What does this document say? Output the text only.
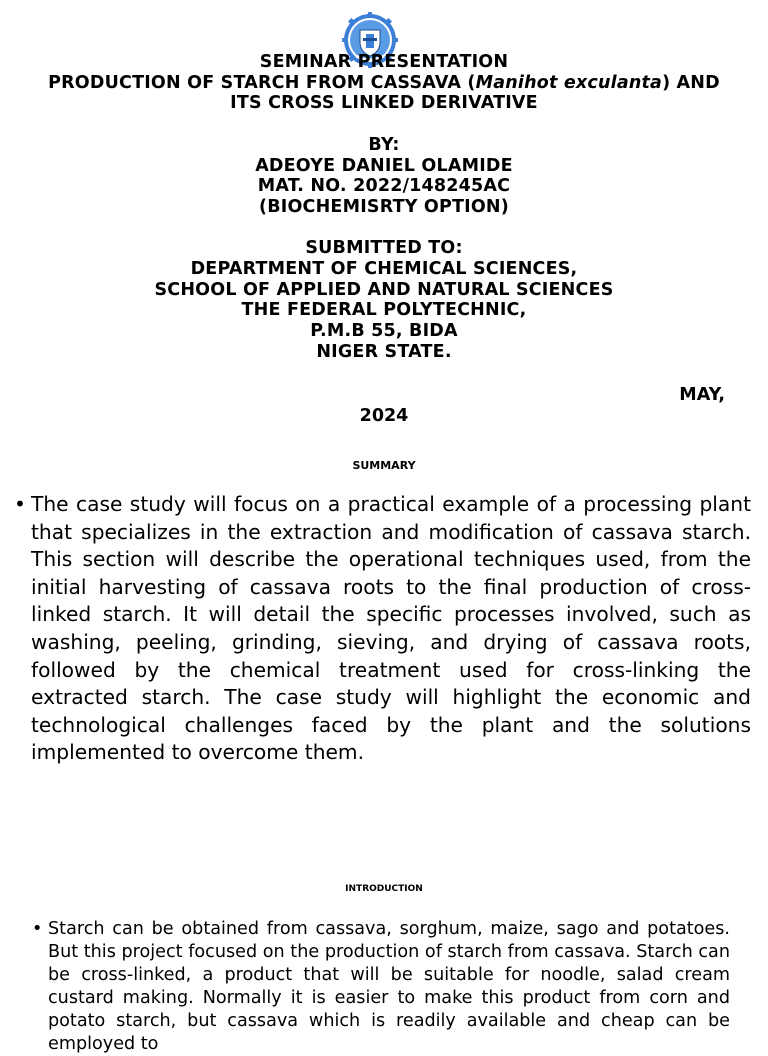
SEMINAR PRESENTATION
PRODUCTION OF STARCH FROM CASSAVA (Manihot exculanta) AND
ITS CROSS LINKED DERIVATIVE
BY:
ADEOYE DANIEL OLAMIDE
MAT. NO. 2022/148245AC
(BIOCHEMISRTY OPTION)
SUBMITTED TO:
DEPARTMENT OF CHEMICAL SCIENCES,
SCHOOL OF APPLIED AND NATURAL SCIENCES
THE FEDERAL POLYTECHNIC,
P.M.B 55, BIDA
NIGER STATE.
MAY,
2024
SUMMARY
• The case study will focus on a practical example of a processing plant that specializes in the extraction and modification of cassava starch. This section will describe the operational techniques used, from the initial harvesting of cassava roots to the final production of cross-linked starch. It will detail the specific processes involved, such as washing, peeling, grinding, sieving, and drying of cassava roots, followed by the chemical treatment used for cross-linking the extracted starch. The case study will highlight the economic and technological challenges faced by the plant and the solutions implemented to overcome them.
INTRODUCTION
• Starch can be obtained from cassava, sorghum, maize, sago and potatoes. But this project focused on the production of starch from cassava. Starch can be cross-linked, a product that will be suitable for noodle, salad cream custard making. Normally it is easier to make this product from corn and potato starch, but cassava which is readily available and cheap can be employed to
